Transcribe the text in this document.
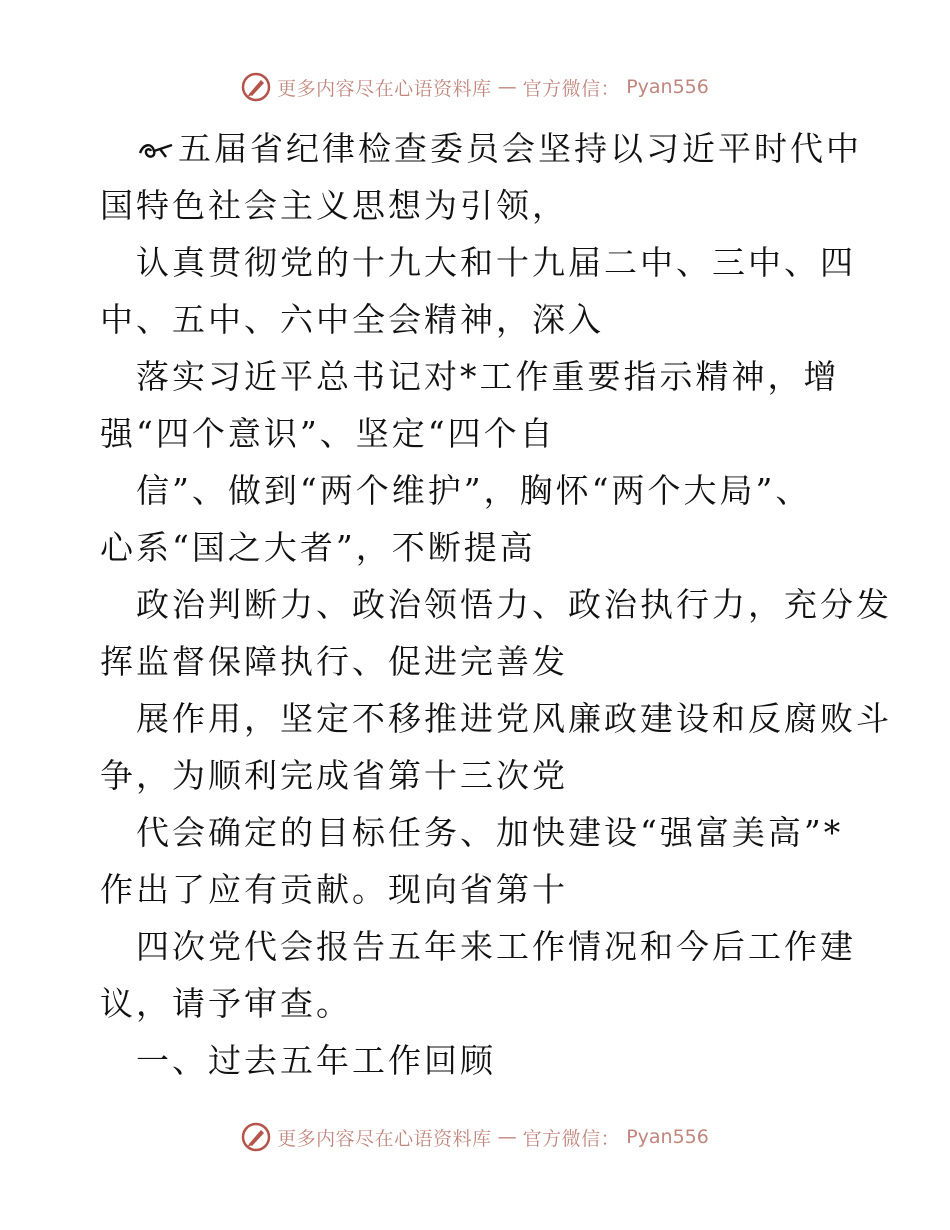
更多内容尽在心语资料库 — 官方微信： Pyan556

五届省纪律检查委员会坚持以习近平时代中
国特色社会主义思想为引领，

认真贯彻党的十九大和十九届二中、三中、四
中、五中、六中全会精神，深入

落实习近平总书记对*工作重要指示精神，增
强“四个意识”、坚定“四个自

信”、做到“两个维护”，胸怀“两个大局”、
心系“国之大者”，不断提高

政治判断力、政治领悟力、政治执行力，充分发
挥监督保障执行、促进完善发

展作用，坚定不移推进党风廉政建设和反腐败斗
争，为顺利完成省第十三次党

代会确定的目标任务、加快建设“强富美高”*
作出了应有贡献。现向省第十

四次党代会报告五年来工作情况和今后工作建
议，请予审查。

一、过去五年工作回顾

更多内容尽在心语资料库 — 官方微信： Pyan556
